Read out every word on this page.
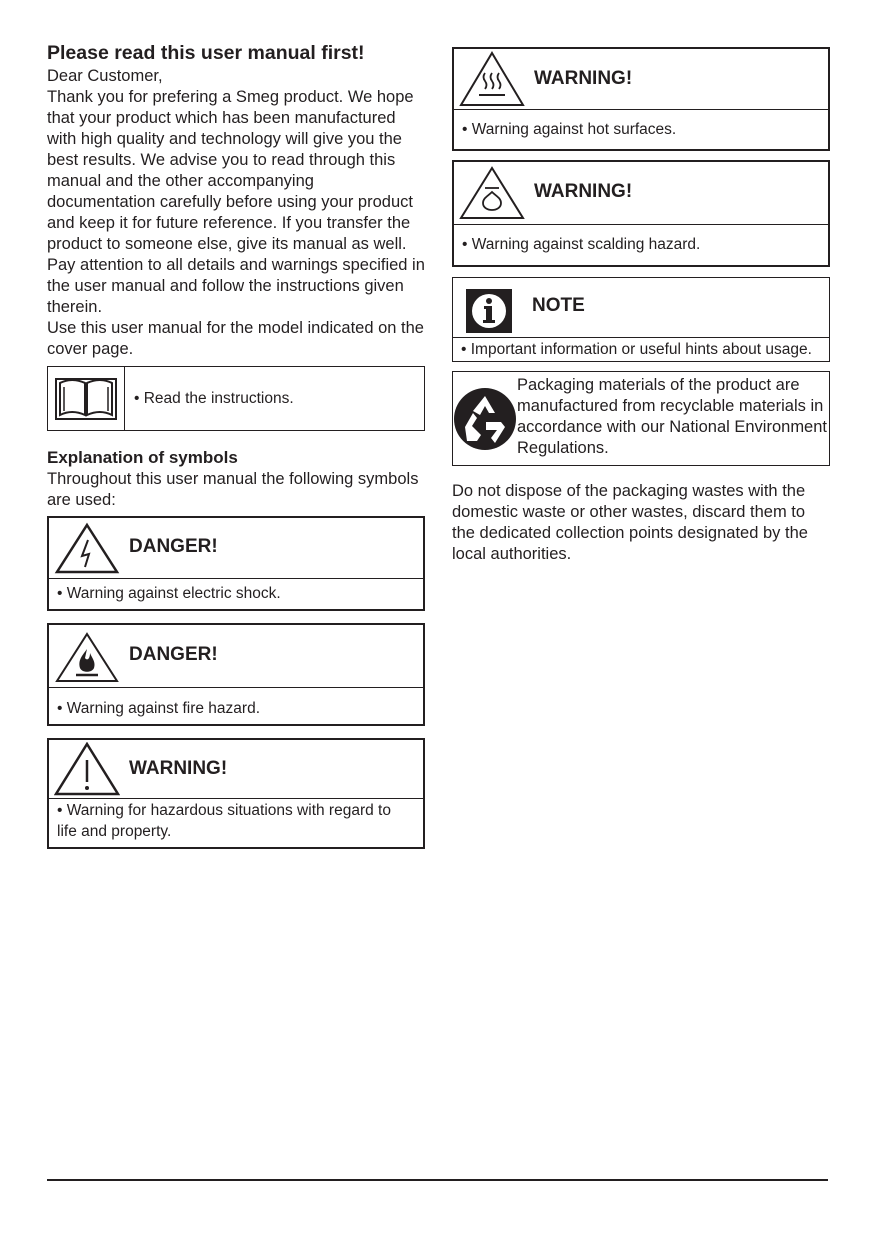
Please read this user manual first!

Dear Customer,

Thank you for prefering a Smeg product. We hope that your product which has been manufactured with high quality and technology will give you the best results. We advise you to read through this manual and the other accompanying documentation carefully before using your product and keep it for future reference. If you transfer the product to someone else, give its manual as well. Pay attention to all details and warnings specified in the user manual and follow the instructions given therein.

Use this user manual for the model indicated on the cover page.

• Read the instructions.

Explanation of symbols

Throughout this user manual the following symbols are used:

DANGER!
• Warning against electric shock.
DANGER!
• Warning against fire hazard.
WARNING!
• Warning for hazardous situations with regard to life and property.
WARNING!
• Warning against hot surfaces.
WARNING!
• Warning against scalding hazard.
NOTE
• Important information or useful hints about usage.
Packaging materials of the product are manufactured from recyclable materials in accordance with our National Environment Regulations.

Do not dispose of the packaging wastes with the domestic waste or other wastes, discard them to the dedicated collection points designated by the local authorities.
